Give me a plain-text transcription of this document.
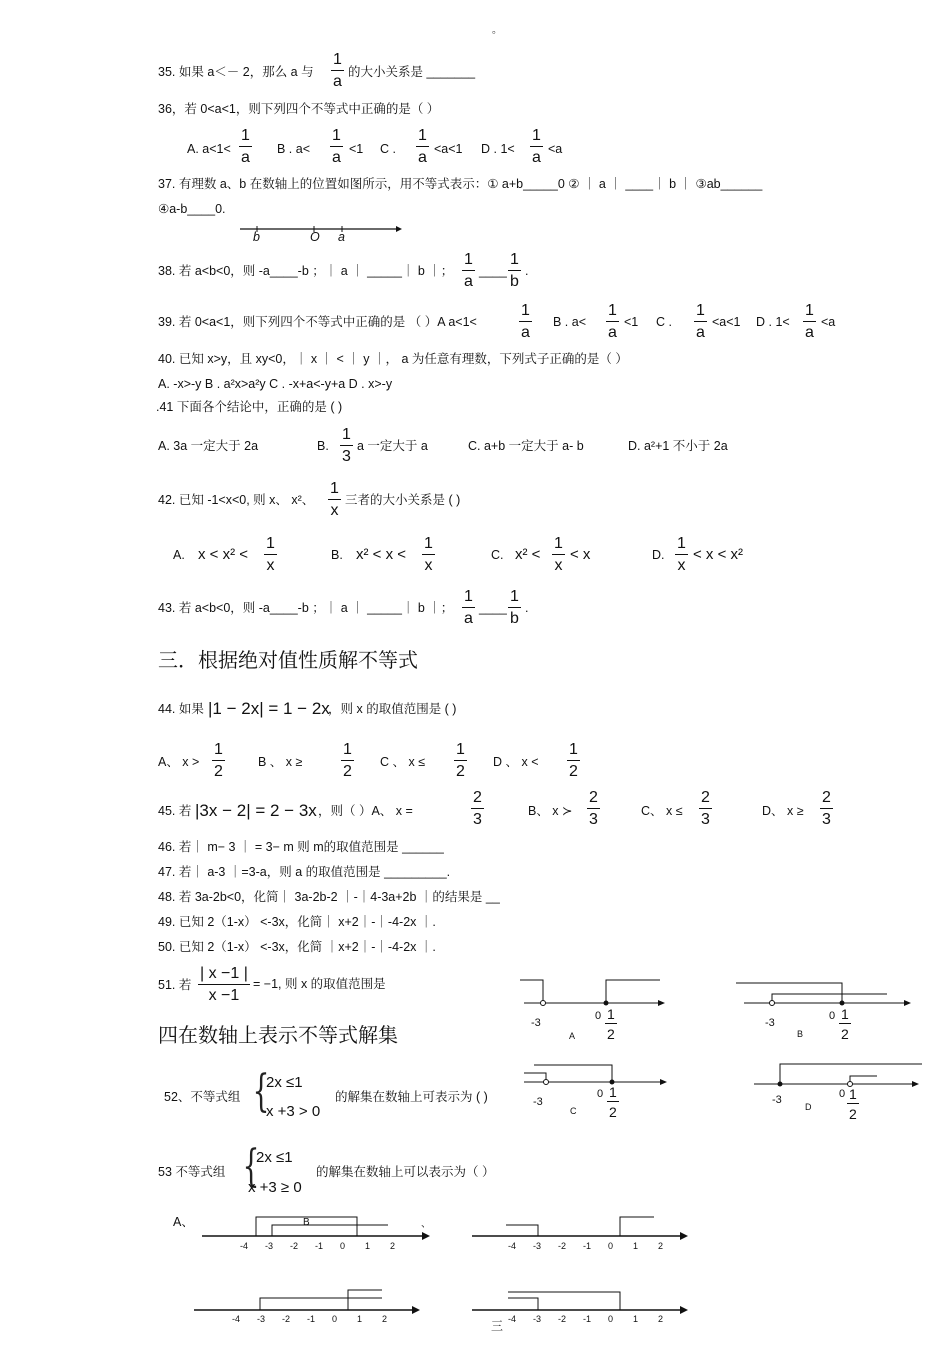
。
35. 如果 a＜－ 2，那么 a 与
1
a
的大小关系是 _______
36，若 0<a<1，则下列四个不等式中正确的是（ ）
A. a<1<
1
a B . a<
1
a <1 C .
1
a <a<1 D . 1<
1
a <a
37. 有理数 a、b 在数轴上的位置如图所示，用不等式表示：① a+b_____0 ② ｜ a ｜ ____｜ b ｜ ③ab______
④a-b____0.
b	O a
38. 若 a<b<0，则 -a____-b ；｜ a ｜ _____｜ b ｜；
1
a
____
1
b
.
39. 若 0<a<1，则下列四个不等式中正确的是 （ ）A a<1<
1
a
B . a<
1
a
<1 C .
1
a
<a<1 D . 1<
1
a
<a
40. 已知 x>y，且 xy<0，｜ x ｜ < ｜ y ｜， a 为任意有理数，下列式子正确的是（ ）
A. -x>-y B . a²x>a²y C . -x+a<-y+a D . x>-y
.41 下面各个结论中，正确的是 ( )
A. 3a 一定大于 2a	B.
1
3
a 一定大于 a	C. a+b 一定大于 a- b	D. a²+1 不小于 2a
42. 已知 -1<x<0, 则 x、 x²、
1
x
三者的大小关系是 ( )
A. x < x² <
1
x
B. x² < x <
1
x
C. x² <
1
x
< x	D.
1
x
< x < x²
43. 若 a<b<0，则 -a____-b ；｜ a ｜ _____｜ b ｜；
1
a
____
1
b
.
三．根据绝对值性质解不等式
44. 如果 |1 − 2x| = 1 − 2x
，则 x 的取值范围是 ( )
A、 x >
1
2
B 、 x ≥
1
2
C 、 x ≤
1
2
D 、 x <
1
2
45. 若 |3x − 2| = 2 − 3x ，则（ ）A、 x =
2
3	B、 x ≻
2
3	C、 x ≤
2
3	D、 x ≥
2
3
46. 若｜ m− 3 ｜ = 3− m 则 m的取值范围是 ______
47. 若｜ a-3 ｜=3-a，则 a 的取值范围是 _________.
48. 若 3a-2b<0，化简｜ 3a-2b-2 ｜-｜4-3a+2b ｜的结果是 __
49. 已知 2（1-x） <-3x，化简｜ x+2｜-｜-4-2x ｜.
50. 已知 2（1-x） <-3x，化简 ｜x+2｜-｜-4-2x ｜.
51. 若
| x −1 |
x −1
= −1, 则 x 的取值范围是
四在数轴上表示不等式解集
52、不等式组 {
2x ≤1
x +3 > 0
的解集在数轴上可表示为 ( )
-3
0 1
2
A
-3
0 1
2
B
-3
0 1
2
C
-3	0 1
2
D
53 不等式组 {
2x ≤1
x +3 ≥ 0
的解集在数轴上可以表示为（ ）
A、	B	、
-4 -3 -2 -1 0 1 2	-4 -3 -2 -1 0 1 2
-4 -3 -2 -1 0 1 2	-4 -3 -2 -1 0 1 2
三
